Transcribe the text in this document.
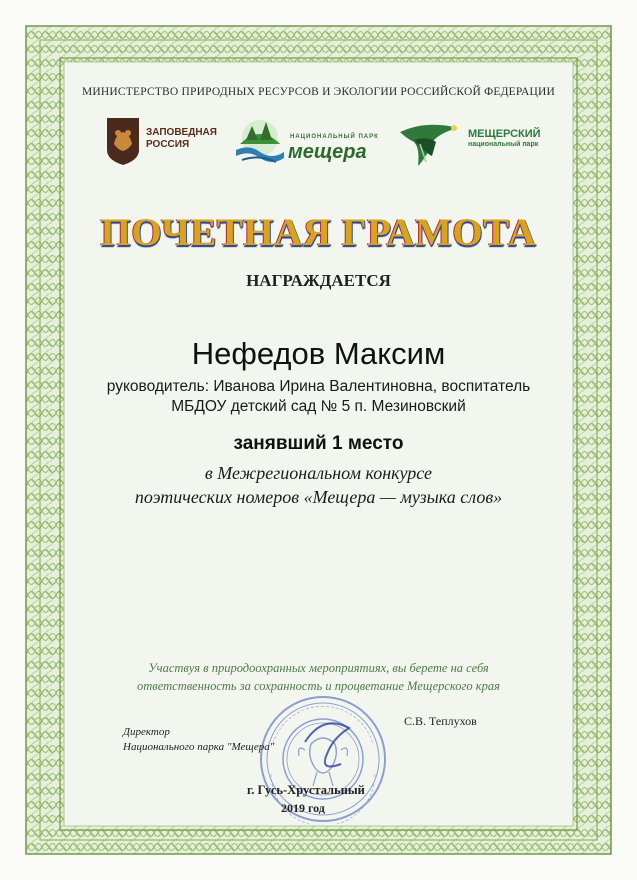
МИНИСТЕРСТВО ПРИРОДНЫХ РЕСУРСОВ И ЭКОЛОГИИ РОССИЙСКОЙ ФЕДЕРАЦИИ
ЗАПОВЕДНАЯ
РОССИЯ
НАЦИОНАЛЬНЫЙ ПАРК
мещера
МЕЩЕРСКИЙ
национальный парк
ПОЧЕТНАЯ ГРАМОТА
НАГРАЖДАЕТСЯ
Нефедов Максим
руководитель: Иванова Ирина Валентиновна, воспитатель
МБДОУ детский сад № 5 п. Мезиновский
занявший 1 место
в Межрегиональном конкурсе
поэтических номеров «Мещера — музыка слов»
Участвуя в природоохранных мероприятиях, вы берете на себя
ответственность за сохранность и процветание Мещерского края
Директор
Национального парка "Мещера"
С.В. Теплухов
г. Гусь-Хрустальный
2019 год
